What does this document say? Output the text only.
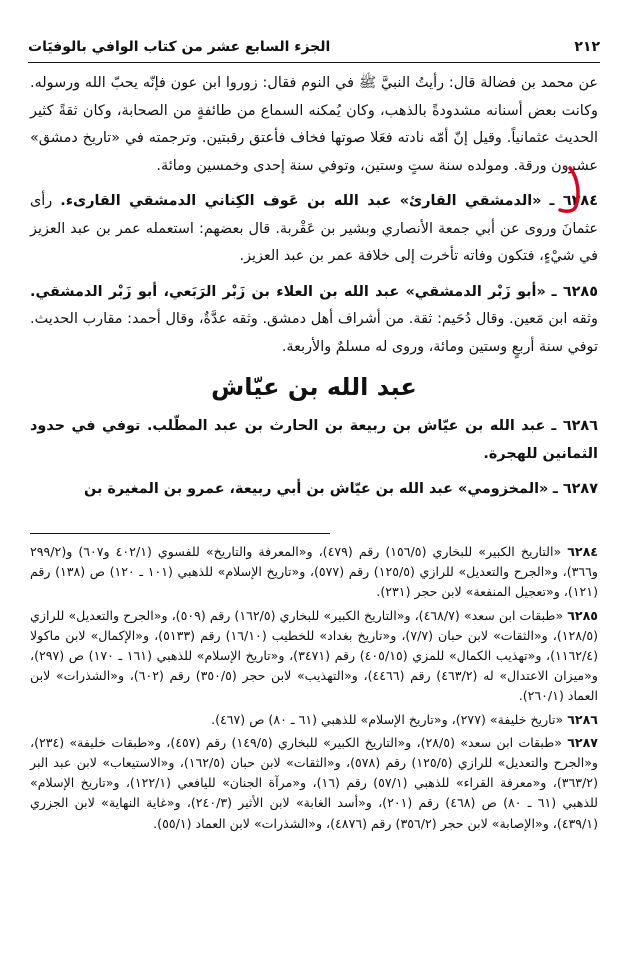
٢١٢
الجزء السابع عشر من كتاب الوافي بالوفيَات

عن محمد بن فضالة قال: رأيتُ النبيَّ ﷺ في النوم فقال: زوروا ابن عون فإنّه يحبّ الله ورسوله. وكانت بعض أسنانه مشدودةً بالذهب، وكان يُمكنه السماع من طائفةٍ من الصحابة، وكان ثقةً كثير الحديث عثمانياً. وقيل إنّ أمّه نادته فعَلا صوتها فخاف فأعتق رقبتين. وترجمته في «تاريخ دمشق» عشرون ورقة. ومولده سنة ستٍ وستين، وتوفي سنة إحدى وخمسين ومائة.

٦٢٨٤ ـ «الدمشقي القارئ» عبد الله بن عَوف الكِناني الدمشقي القارىء. رأى عثمانَ وروى عن أبي جمعة الأنصاري وبشير بن عَقْربة. قال بعضهم: استعمله عمر بن عبد العزيز في شيْءٍ، فتكون وفاته تأخرت إلى خلافة عمر بن عبد العزيز.

٦٢٨٥ ـ «أبو زَبْر الدمشقي» عبد الله بن العلاء بن زَبْر الرَبَعي، أبو زَبْر الدمشقي. وثقه ابن مَعين. وقال دُحَيم: ثقة. من أشراف أهل دمشق. وثقه عدَّةٌ، وقال أحمد: مقارب الحديث. توفي سنة أربعٍ وستين ومائة، وروى له مسلمٌ والأربعة.

عبد الله بن عيّاش

٦٢٨٦ ـ عبد الله بن عيّاش بن ربيعة بن الحارث بن عبد المطّلب. توفي في حدود الثمانين للهجرة.

٦٢٨٧ ـ «المخزومي» عبد الله بن عيّاش بن أبي ربيعة، عمرو بن المغيرة بن

٦٢٨٤ «التاريخ الكبير» للبخاري (١٥٦/٥) رقم (٤٧٩)، و«المعرفة والتاريخ» للفسوي (٤٠٢/١ و٦٠٧) و(٢٩٩/٢ و٣٦٦)، و«الجرح والتعديل» للرازي (١٢٥/٥) رقم (٥٧٧)، و«تاريخ الإسلام» للذهبي (١٠١ ـ ١٢٠) ص (١٣٨) رقم (١٢١)، و«تعجيل المنفعة» لابن حجر (٢٣١).

٦٢٨٥ «طبقات ابن سعد» (٤٦٨/٧)، و«التاريخ الكبير» للبخاري (١٦٢/٥) رقم (٥٠٩)، و«الجرح والتعديل» للرازي (١٢٨/٥)، و«الثقات» لابن حبان (٧/٧)، و«تاريخ بغداد» للخطيب (١٦/١٠) رقم (٥١٣٣)، و«الإكمال» لابن ماكولا (١١٦٢/٤)، و«تهذيب الكمال» للمزي (٤٠٥/١٥) رقم (٣٤٧١)، و«تاريخ الإسلام» للذهبي (١٦١ ـ ١٧٠) ص (٢٩٧)، و«ميزان الاعتدال» له (٤٦٣/٢) رقم (٤٤٦٦)، و«التهذيب» لابن حجر (٣٥٠/٥) رقم (٦٠٢)، و«الشذرات» لابن العماد (٢٦٠/١).

٦٢٨٦ «تاريخ خليفة» (٢٧٧)، و«تاريخ الإسلام» للذهبي (٦١ ـ ٨٠) ص (٤٦٧).

٦٢٨٧ «طبقات ابن سعد» (٢٨/٥)، و«التاريخ الكبير» للبخاري (١٤٩/٥) رقم (٤٥٧)، و«طبقات خليفة» (٢٣٤)، و«الجرح والتعديل» للرازي (١٢٥/٥) رقم (٥٧٨)، و«الثقات» لابن حبان (١٦٢/٥)، و«الاستيعاب» لابن عبد البر (٣٦٣/٢)، و«معرفة القراء» للذهبي (٥٧/١) رقم (١٦)، و«مرآة الجنان» لليافعي (١٢٢/١)، و«تاريخ الإسلام» للذهبي (٦١ ـ ٨٠) ص (٤٦٨) رقم (٢٠١)، و«أسد الغابة» لابن الأثير (٢٤٠/٣)، و«غاية النهاية» لابن الجزري (٤٣٩/١)، و«الإصابة» لابن حجر (٣٥٦/٢) رقم (٤٨٧٦)، و«الشذرات» لابن العماد (٥٥/١).
